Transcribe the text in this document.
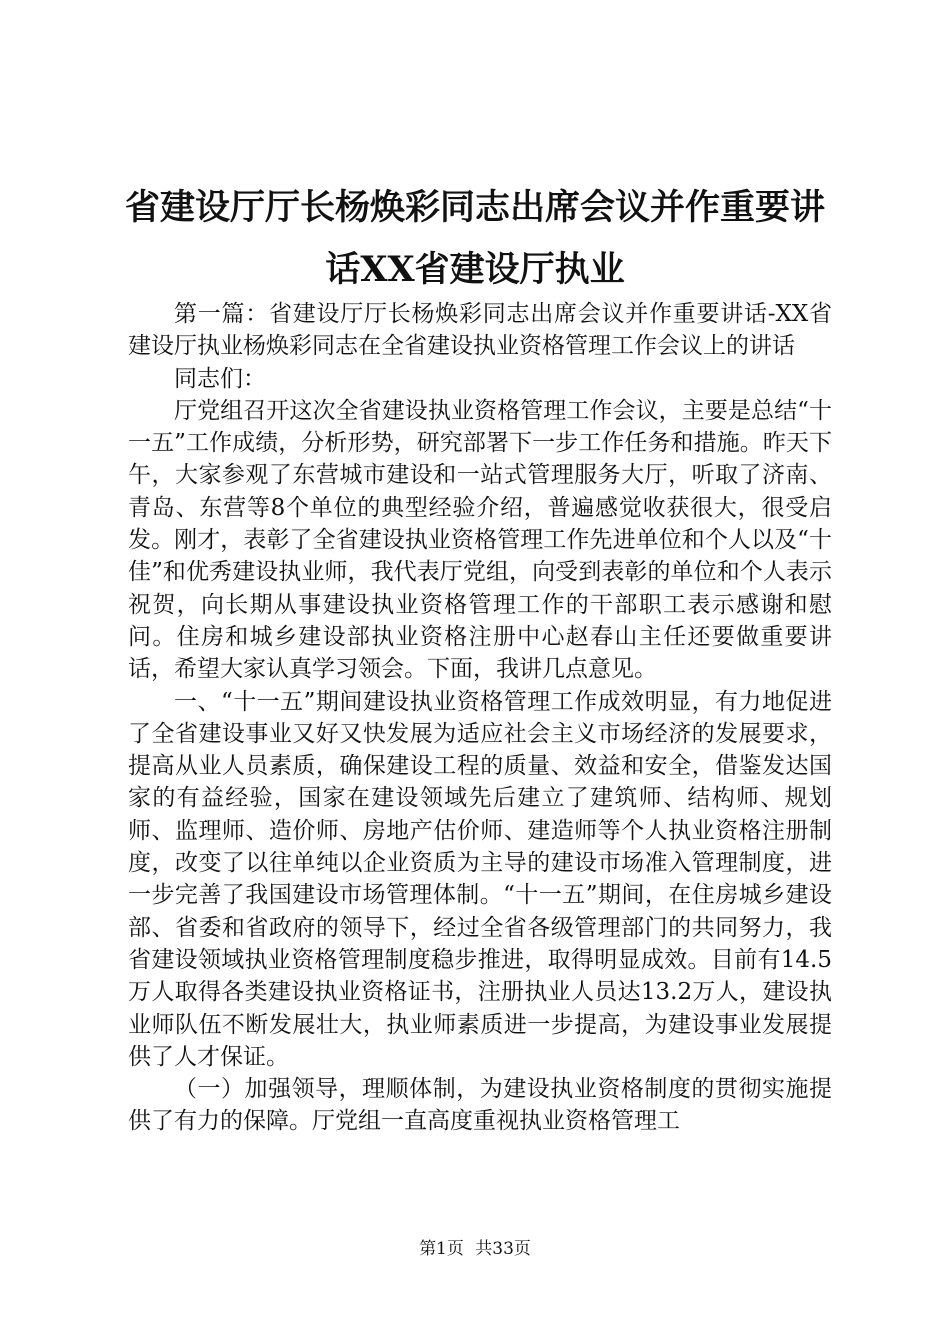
省建设厅厅长杨焕彩同志出席会议并作重要讲
话XX省建设厅执业

第一篇：省建设厅厅长杨焕彩同志出席会议并作重要讲话-XX省建设厅执业杨焕彩同志在全省建设执业资格管理工作会议上的讲话

同志们：

厅党组召开这次全省建设执业资格管理工作会议，主要是总结“十一五”工作成绩，分析形势，研究部署下一步工作任务和措施。昨天下午，大家参观了东营城市建设和一站式管理服务大厅，听取了济南、青岛、东营等8个单位的典型经验介绍，普遍感觉收获很大，很受启发。刚才，表彰了全省建设执业资格管理工作先进单位和个人以及“十佳”和优秀建设执业师，我代表厅党组，向受到表彰的单位和个人表示祝贺，向长期从事建设执业资格管理工作的干部职工表示感谢和慰问。住房和城乡建设部执业资格注册中心赵春山主任还要做重要讲话，希望大家认真学习领会。下面，我讲几点意见。

一、“十一五”期间建设执业资格管理工作成效明显，有力地促进了全省建设事业又好又快发展为适应社会主义市场经济的发展要求，提高从业人员素质，确保建设工程的质量、效益和安全，借鉴发达国家的有益经验，国家在建设领域先后建立了建筑师、结构师、规划师、监理师、造价师、房地产估价师、建造师等个人执业资格注册制度，改变了以往单纯以企业资质为主导的建设市场准入管理制度，进一步完善了我国建设市场管理体制。“十一五”期间，在住房城乡建设部、省委和省政府的领导下，经过全省各级管理部门的共同努力，我省建设领域执业资格管理制度稳步推进，取得明显成效。目前有14.5万人取得各类建设执业资格证书，注册执业人员达13.2万人，建设执业师队伍不断发展壮大，执业师素质进一步提高，为建设事业发展提供了人才保证。

（一）加强领导，理顺体制，为建设执业资格制度的贯彻实施提供了有力的保障。厅党组一直高度重视执业资格管理工

第1页 共33页
